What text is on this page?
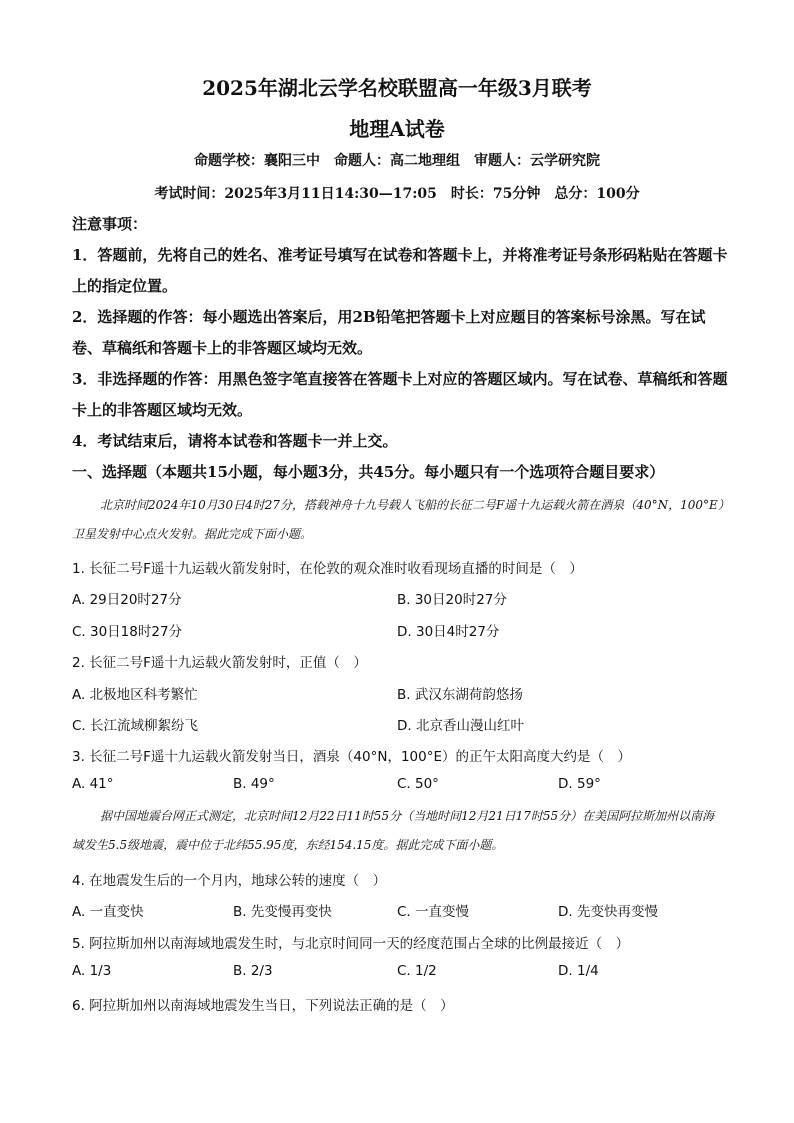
2025年湖北云学名校联盟高一年级3月联考
地理A试卷
命题学校：襄阳三中　命题人：高二地理组　审题人：云学研究院
考试时间：2025年3月11日14:30—17:05　时长：75分钟　总分：100分
注意事项：

1．答题前，先将自己的姓名、准考证号填写在试卷和答题卡上，并将准考证号条形码粘贴在答题卡上的指定位置。

2．选择题的作答：每小题选出答案后，用2B铅笔把答题卡上对应题目的答案标号涂黑。写在试卷、草稿纸和答题卡上的非答题区域均无效。

3．非选择题的作答：用黑色签字笔直接答在答题卡上对应的答题区域内。写在试卷、草稿纸和答题卡上的非答题区域均无效。

4．考试结束后，请将本试卷和答题卡一并上交。

一、选择题（本题共15小题，每小题3分，共45分。每小题只有一个选项符合题目要求）

北京时间2024年10月30日4时27分，搭载神舟十九号载人飞船的长征二号F遥十九运载火箭在酒泉（40°N，100°E）卫星发射中心点火发射。据此完成下面小题。

1. 长征二号F遥十九运载火箭发射时，在伦敦的观众准时收看现场直播的时间是（　）
A. 29日20时27分	B. 30日20时27分
C. 30日18时27分	D. 30日4时27分
2. 长征二号F遥十九运载火箭发射时，正值（　）
A. 北极地区科考繁忙	B. 武汉东湖荷韵悠扬
C. 长江流域柳絮纷飞	D. 北京香山漫山红叶
3. 长征二号F遥十九运载火箭发射当日，酒泉（40°N，100°E）的正午太阳高度大约是（　）
A. 41°	B. 49°	C. 50°	D. 59°

据中国地震台网正式测定，北京时间12月22日11时55分（当地时间12月21日17时55分）在美国阿拉斯加州以南海域发生5.5级地震，震中位于北纬55.95度，东经154.15度。据此完成下面小题。

4. 在地震发生后的一个月内，地球公转的速度（　）
A. 一直变快	B. 先变慢再变快	C. 一直变慢	D. 先变快再变慢
5. 阿拉斯加州以南海域地震发生时，与北京时间同一天的经度范围占全球的比例最接近（　）
A. 1/3	B. 2/3	C. 1/2	D. 1/4
6. 阿拉斯加州以南海域地震发生当日，下列说法正确的是（　）
